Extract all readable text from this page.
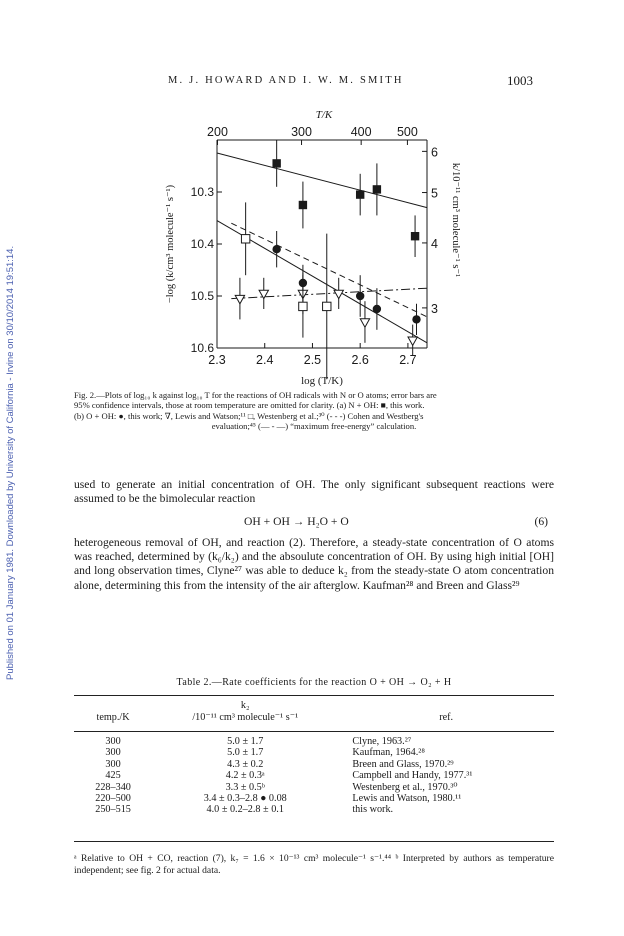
Published on 01 January 1981. Downloaded by University of California - Irvine on 30/10/2014 19:51:14.
M. J. HOWARD AND I. W. M. SMITH	1003
2.3 2.4 2.5 2.6 2.7
200	300	400 500
T/K
10.3
10.4
10.5
10.6
6
5
4
3
log (T/K)
−log (k/cm³ molecule⁻¹ s⁻¹)	k/10⁻¹¹ cm³ molecule⁻¹ s⁻¹
Fig. 2.—Plots of log₁₀ k against log₁₀ T for the reactions of OH radicals with N or O atoms; error bars are
95% confidence intervals, those at room temperature are omitted for clarity. (a) N + OH: ■, this work.
(b) O + OH: ●, this work; ∇, Lewis and Watson;¹¹ □, Westenberg et al.;³⁰ (- - -) Cohen and Westberg's

evaluation;⁴⁵ (— - —) “maximum free-energy” calculation.
used to generate an initial concentration of OH. The only significant subsequent reactions were assumed to be the bimolecular reaction
OH + OH → H₂O + O	(6)
heterogeneous removal of OH, and reaction (2). Therefore, a steady-state concentration of O atoms was reached, determined by (k₆/k₂) and the absoulute concentration of OH. By using high initial [OH] and long observation times, Clyne²⁷ was able to deduce k₂ from the steady-state O atom concentration alone, determining this from the intensity of the air afterglow. Kaufman²⁸ and Breen and Glass²⁹
Table 2.—Rate coefficients for the reaction O + OH → O₂ + H
	k₂	
temp./K	/10⁻¹¹ cm³ molecule⁻¹ s⁻¹	ref.

300	5.0 ± 1.7	Clyne, 1963.²⁷
300	5.0 ± 1.7	Kaufman, 1964.²⁸
300	4.3 ± 0.2	Breen and Glass, 1970.²⁹
425	4.2 ± 0.3ᵃ	Campbell and Handy, 1977.³¹
228–340	3.3 ± 0.5ᵇ	Westenberg et al., 1970.³⁰
220–500	3.4 ± 0.3–2.8 ● 0.08	Lewis and Watson, 1980.¹¹
250–515	4.0 ± 0.2–2.8 ± 0.1	this work.
ᵃ Relative to OH + CO, reaction (7), k₇ = 1.6 × 10⁻¹³ cm³ molecule⁻¹ s⁻¹.⁴⁴ ᵇ Interpreted by authors as temperature independent; see fig. 2 for actual data.
